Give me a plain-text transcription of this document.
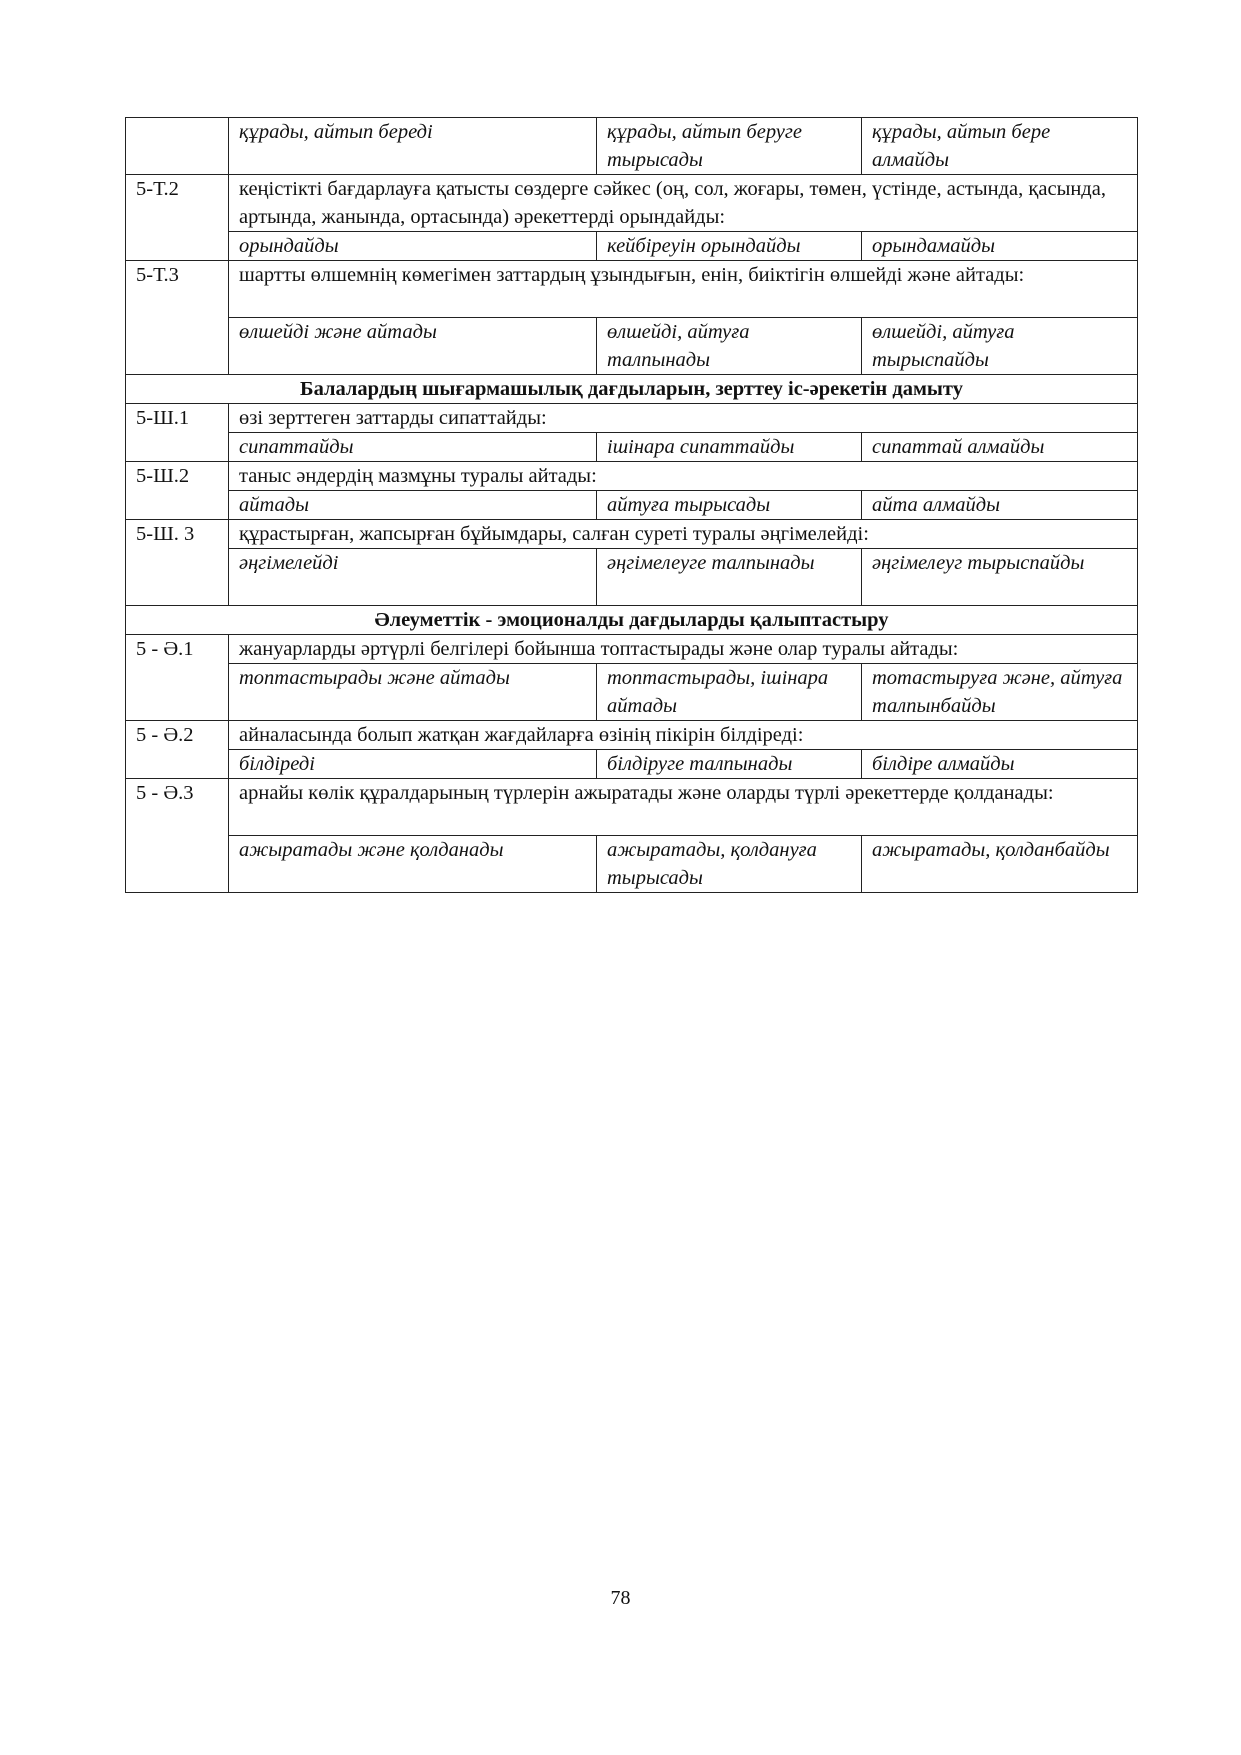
	құрады, айтып береді	құрады, айтып беруге тырысады	құрады, айтып бере алмайды
5-Т.2	кеңістікті бағдарлауға қатысты сөздерге сәйкес (оң, сол, жоғары, төмен, үстінде, астында, қасында, артында, жанында, ортасында) әрекеттерді орындайды:		
	орындайды	кейбіреуін орындайды	орындамайды
5-Т.3	шартты өлшемнің көмегімен заттардың ұзындығын, енін, биіктігін өлшейді және айтады:		
	өлшейді және айтады	өлшейді, айтуға талпынады	өлшейді, айтуға тырыспайды
Балалардың шығармашылық дағдыларын, зерттеу іс-әрекетін дамыту			
5-Ш.1	өзі зерттеген заттарды сипаттайды:		
	сипаттайды	ішінара сипаттайды	сипаттай алмайды
5-Ш.2	таныс әндердің мазмұны туралы айтады:		
	айтады	айтуға тырысады	айта алмайды
5-Ш. 3	құрастырған, жапсырған бұйымдары, салған суреті туралы әңгімелейді:		
	әңгімелейді	әңгімелеуге талпынады	әңгімелеуг тырыспайды
Әлеуметтік - эмоционалды дағдыларды қалыптастыру			
5 - Ә.1	жануарларды әртүрлі белгілері бойынша топтастырады және олар туралы айтады:		
	топтастырады және айтады	топтастырады, ішінара айтады	тотастыруға және, айтуға талпынбайды
5 - Ә.2	айналасында болып жатқан жағдайларға өзінің пікірін білдіреді:		
	білдіреді	білдіруге талпынады	білдіре алмайды
5 - Ә.3	арнайы көлік құралдарының түрлерін ажыратады және оларды түрлі әрекеттерде қолданады:		
	ажыратады және қолданады	ажыратады, қолдануға тырысады	ажыратады, қолданбайды
78
